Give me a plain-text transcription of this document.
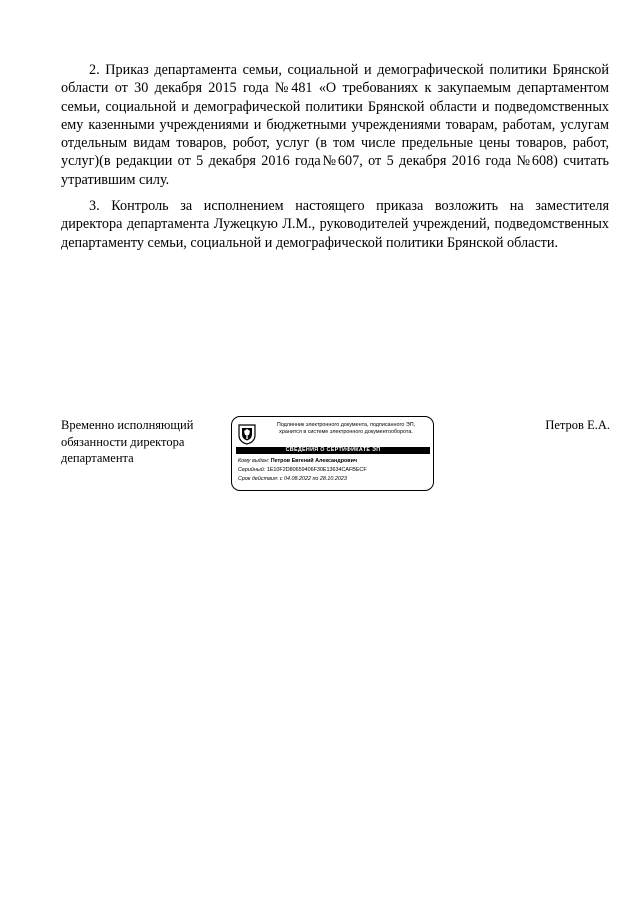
2. Приказ департамента семьи, социальной и демографической политики Брянской области от 30 декабря 2015 года №481 «О требованиях к закупаемым департаментом семьи, социальной и демографической политики Брянской области и подведомственных ему казенными учреждениями и бюджетными учреждениями товарам, работам, услугам отдельным видам товаров, робот, услуг (в том числе предельные цены товаров, работ, услуг)(в редакции от 5 декабря 2016 года№607, от 5 декабря 2016 года №608) считать утратившим силу.

3. Контроль за исполнением настоящего приказа возложить на заместителя директора департамента Лужецкую Л.М., руководителей учреждений, подведомственных департаменту семьи, социальной и демографической политики Брянской области.

Временно исполняющий
обязанности директора
департамента
Подлинник электронного документа, подписанного ЭП,
хранится в системе электронного документооборота.
СВЕДЕНИЯ О СЕРТИФИКАТЕ ЭП
Кому выдан: Петров Евгений Александрович
Серийный: 1E10F2D80659406F30E13634CAFBECF
Срок действия: с 04.08.2022 по 28.10.2023
Петров Е.А.
